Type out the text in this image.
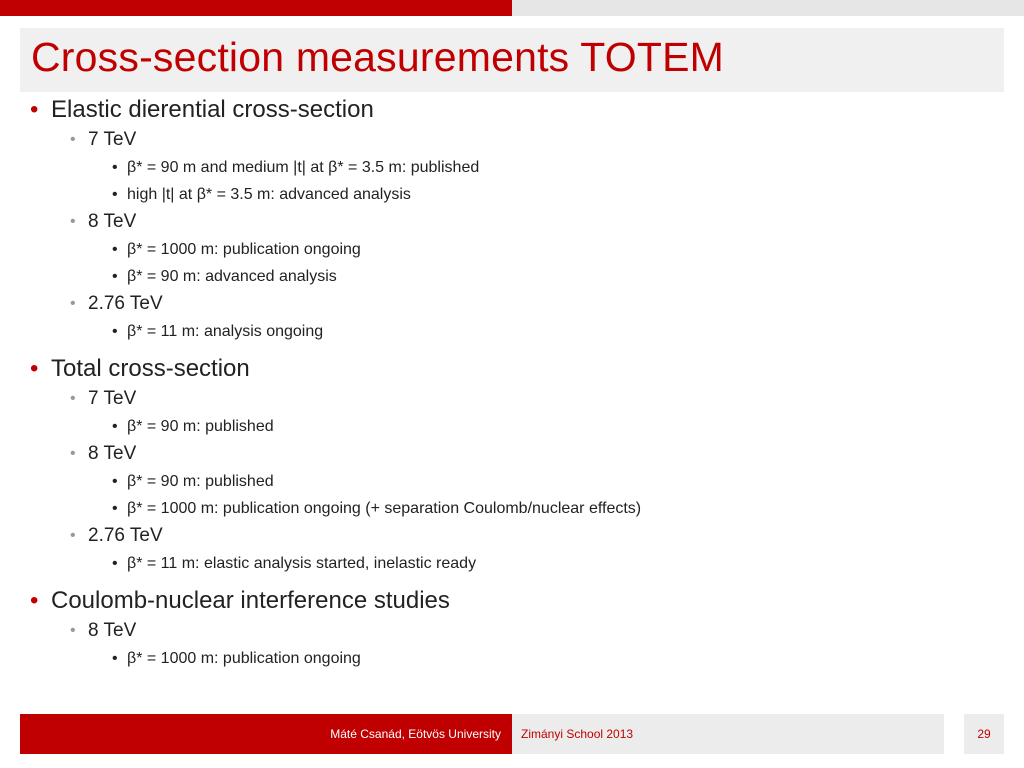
Cross-section measurements TOTEM
• Elastic dierential cross-section
• 7 TeV
• β* = 90 m and medium |t| at β* = 3.5 m: published
• high |t| at β* = 3.5 m: advanced analysis
• 8 TeV
• β* = 1000 m: publication ongoing
• β* = 90 m: advanced analysis
• 2.76 TeV
• β* = 11 m: analysis ongoing
• Total cross-section
• 7 TeV
• β* = 90 m: published
• 8 TeV
• β* = 90 m: published
• β* = 1000 m: publication ongoing (+ separation Coulomb/nuclear effects)
• 2.76 TeV
• β* = 11 m: elastic analysis started, inelastic ready
• Coulomb-nuclear interference studies
• 8 TeV
• β* = 1000 m: publication ongoing
Máté Csanád, Eötvös University	Zimányi School 2013	29
